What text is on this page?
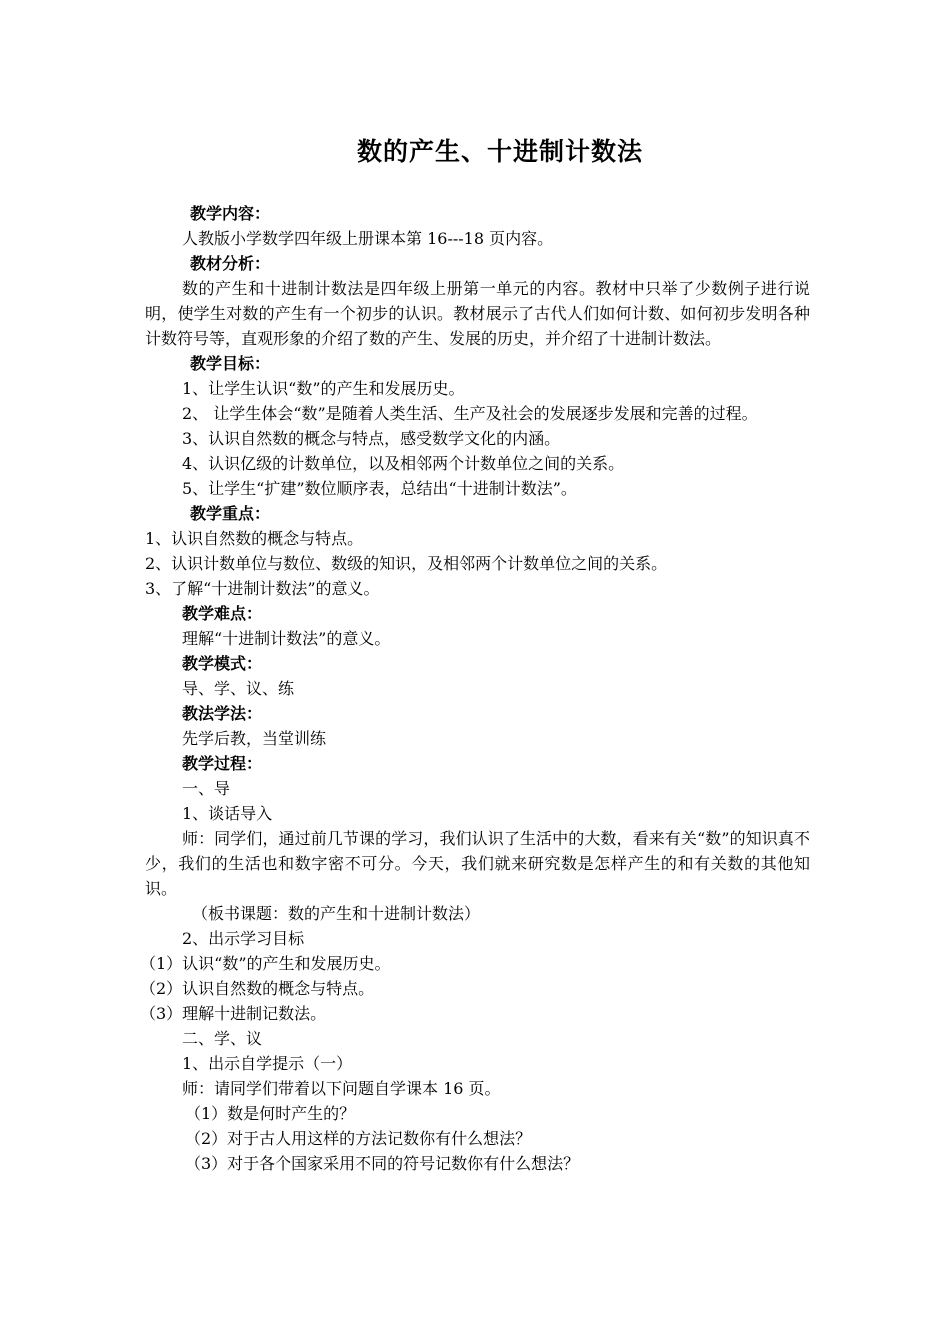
数的产生、十进制计数法
教学内容：
人教版小学数学四年级上册课本第 16---18 页内容。
教材分析：
数的产生和十进制计数法是四年级上册第一单元的内容。教材中只举了少数例子进行说明，使学生对数的产生有一个初步的认识。教材展示了古代人们如何计数、如何初步发明各种计数符号等，直观形象的介绍了数的产生、发展的历史，并介绍了十进制计数法。
教学目标：
1、让学生认识“数”的产生和发展历史。
2、 让学生体会“数”是随着人类生活、生产及社会的发展逐步发展和完善的过程。
3、认识自然数的概念与特点，感受数学文化的内涵。
4、认识亿级的计数单位，以及相邻两个计数单位之间的关系。
5、让学生“扩建”数位顺序表，总结出“十进制计数法”。
教学重点：
1、认识自然数的概念与特点。
2、认识计数单位与数位、数级的知识，及相邻两个计数单位之间的关系。
3、了解“十进制计数法”的意义。
教学难点：
理解“十进制计数法”的意义。
教学模式：
导、学、议、练
教法学法：
先学后教，当堂训练
教学过程：
一、导
1、谈话导入
师：同学们，通过前几节课的学习，我们认识了生活中的大数，看来有关“数”的知识真不少，我们的生活也和数字密不可分。今天，我们就来研究数是怎样产生的和有关数的其他知识。
（板书课题：数的产生和十进制计数法）
2、出示学习目标
（1）认识“数”的产生和发展历史。
（2）认识自然数的概念与特点。
（3）理解十进制记数法。
二、学、议
1、出示自学提示（一）
师：请同学们带着以下问题自学课本 16 页。
（1）数是何时产生的？
（2）对于古人用这样的方法记数你有什么想法？
（3）对于各个国家采用不同的符号记数你有什么想法？
